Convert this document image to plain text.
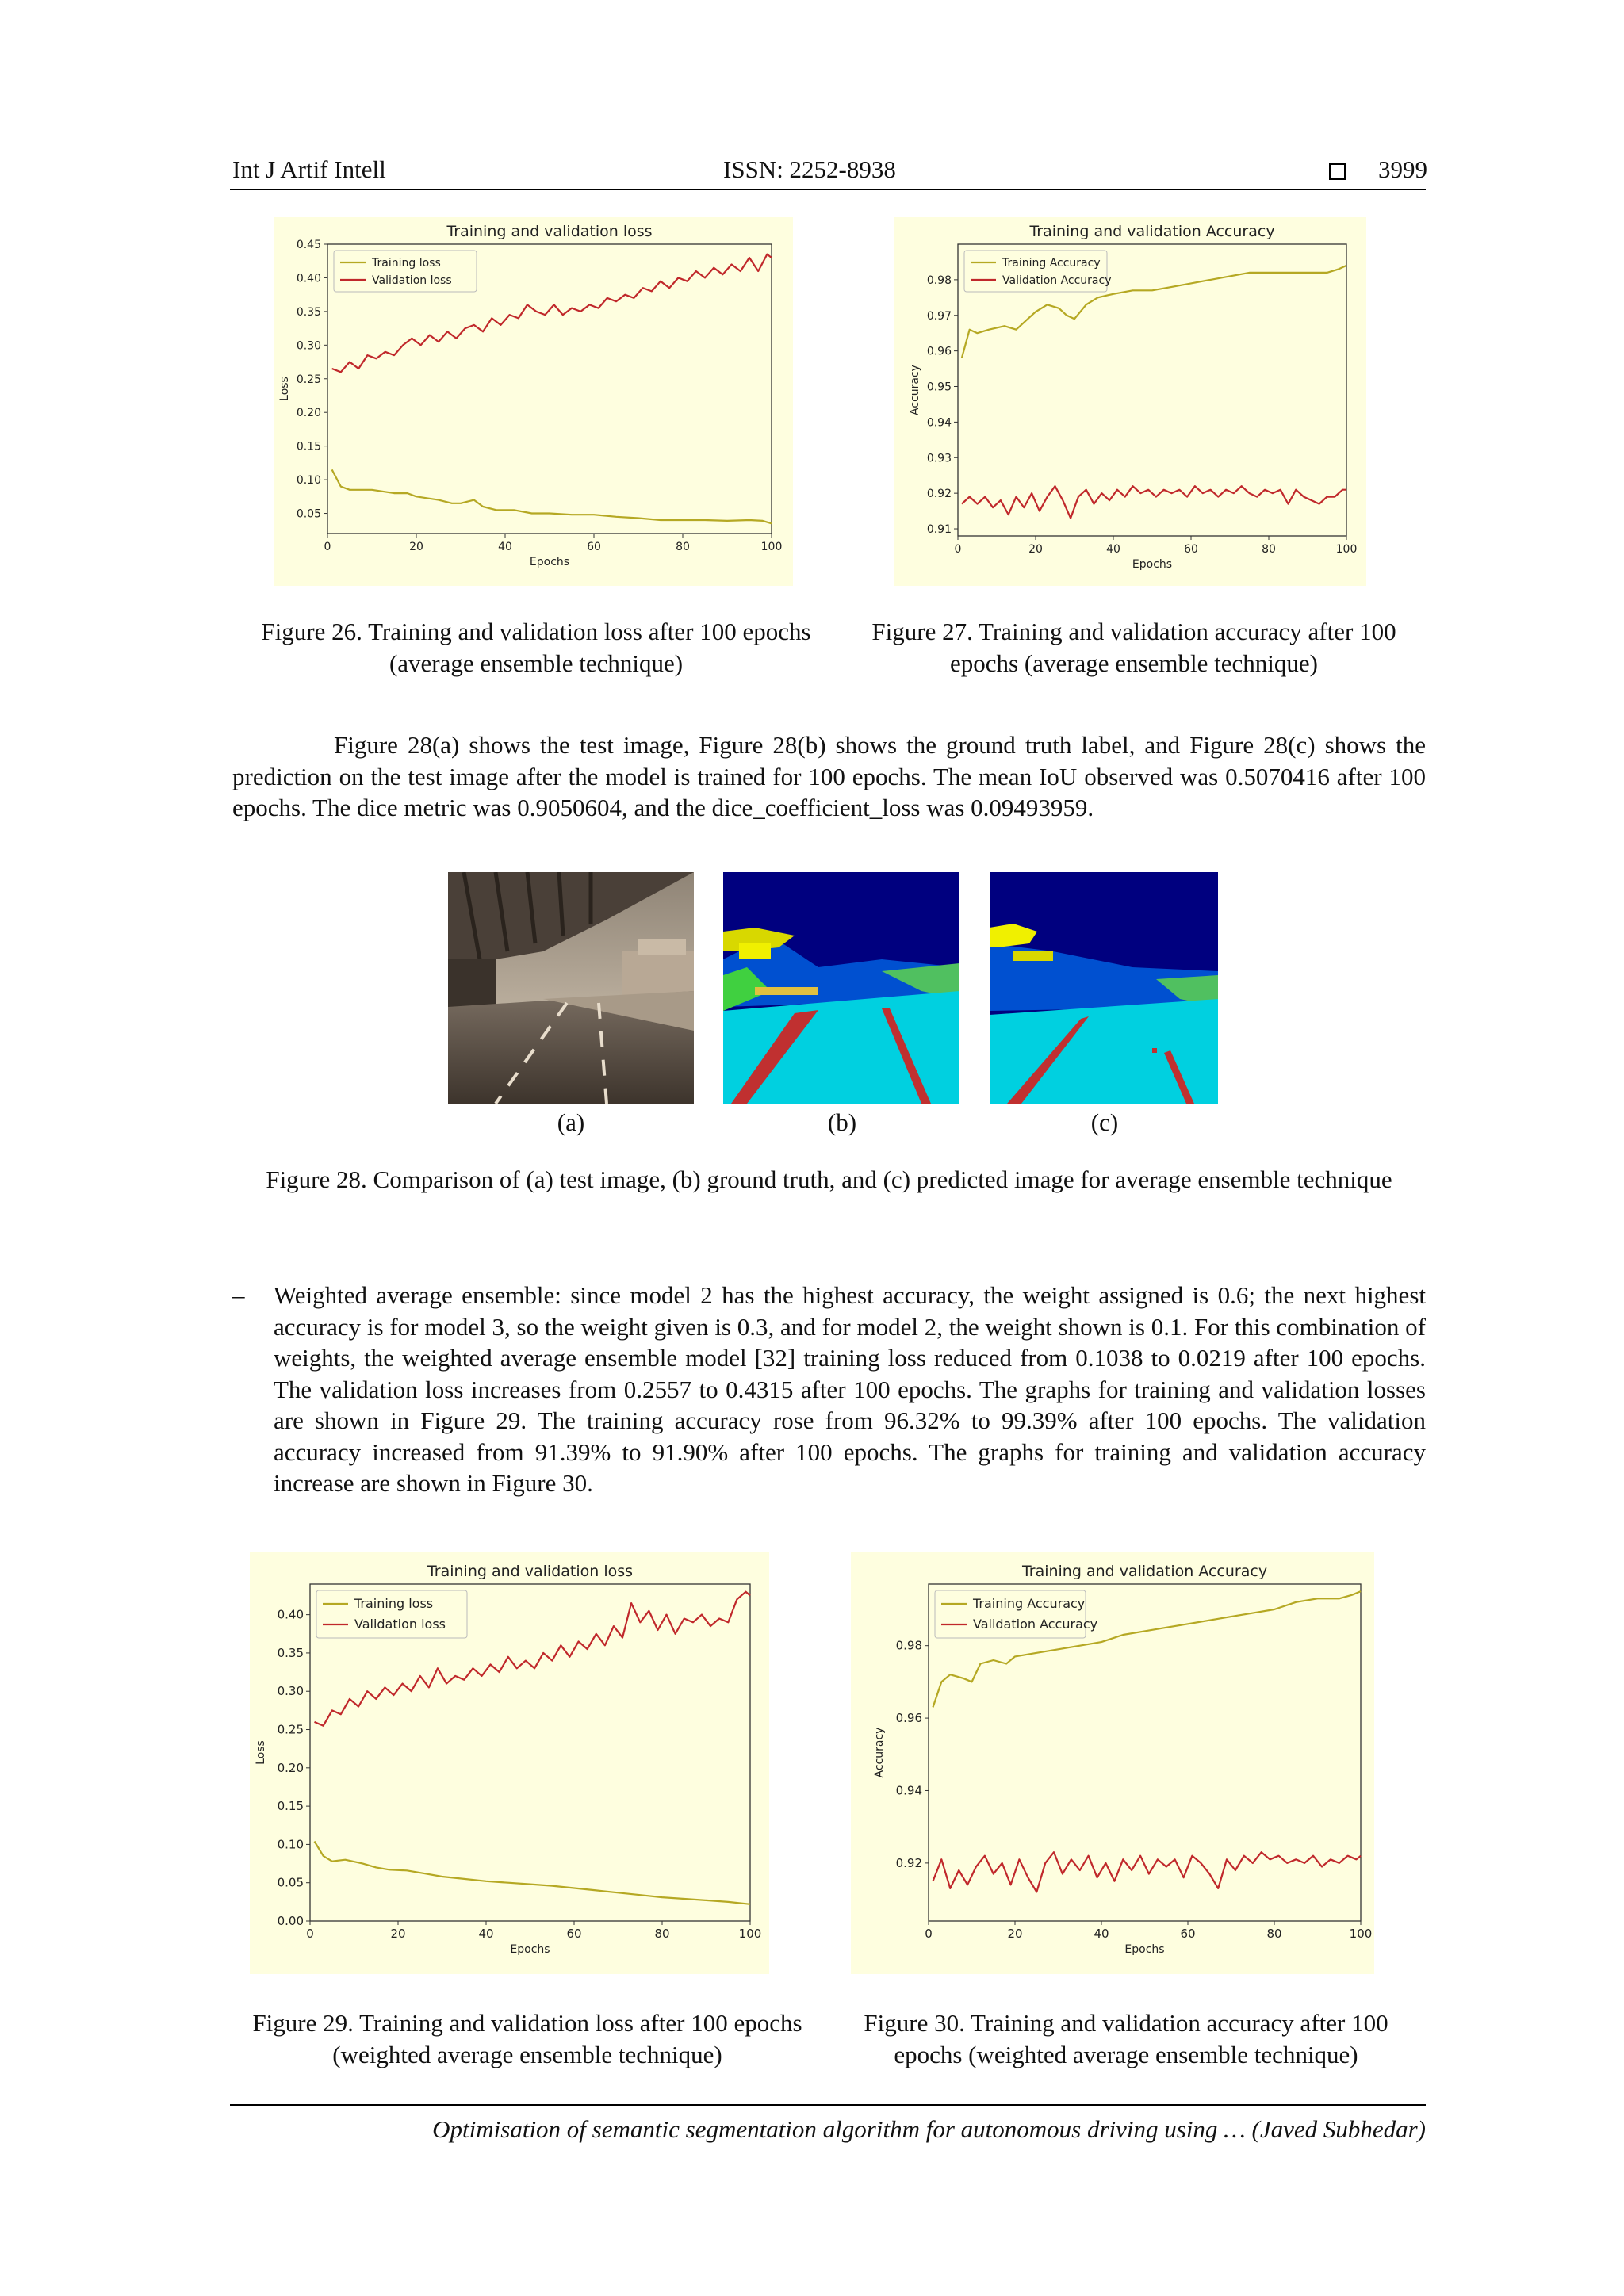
Int J Artif Intell	ISSN: 2252-8938	3999
Training and validation loss
0	20	40	60	80	100
0.05
0.10
0.15
0.20
0.25
0.30
0.35
0.40
0.45
Epochs
Loss
Training loss
Validation loss
Training and validation Accuracy
0	20	40	60	80	100
0.91
0.92
0.93
0.94
0.95
0.96
0.97
0.98
Epochs
Accuracy
Training Accuracy
Validation Accuracy
Figure 26. Training and validation loss after 100 epochs (average ensemble technique)
Figure 27. Training and validation accuracy after 100 epochs (average ensemble technique)
Figure 28(a) shows the test image, Figure 28(b) shows the ground truth label, and Figure 28(c) shows the prediction on the test image after the model is trained for 100 epochs. The mean IoU observed was 0.5070416 after 100 epochs. The dice metric was 0.9050604, and the dice_coefficient_loss was 0.09493959.
(a)	(b)	(c)
Figure 28. Comparison of (a) test image, (b) ground truth, and (c) predicted image for average ensemble technique
–	Weighted average ensemble: since model 2 has the highest accuracy, the weight assigned is 0.6; the next highest accuracy is for model 3, so the weight given is 0.3, and for model 2, the weight shown is 0.1. For this combination of weights, the weighted average ensemble model [32] training loss reduced from 0.1038 to 0.0219 after 100 epochs. The validation loss increases from 0.2557 to 0.4315 after 100 epochs. The graphs for training and validation losses are shown in Figure 29. The training accuracy rose from 96.32% to 99.39% after 100 epochs. The validation accuracy increased from 91.39% to 91.90% after 100 epochs. The graphs for training and validation accuracy increase are shown in Figure 30.
Training and validation loss
0	20	40	60	80	100
0.00
0.05
0.10
0.15
0.20
0.25
0.30
0.35
0.40
Epochs
Loss
Training loss
Validation loss
Training and validation Accuracy
0	20	40	60	80	100
0.92
0.94
0.96
0.98
Epochs
Accuracy
Training Accuracy
Validation Accuracy
Figure 29. Training and validation loss after 100 epochs (weighted average ensemble technique)
Figure 30. Training and validation accuracy after 100 epochs (weighted average ensemble technique)
Optimisation of semantic segmentation algorithm for autonomous driving using … (Javed Subhedar)
